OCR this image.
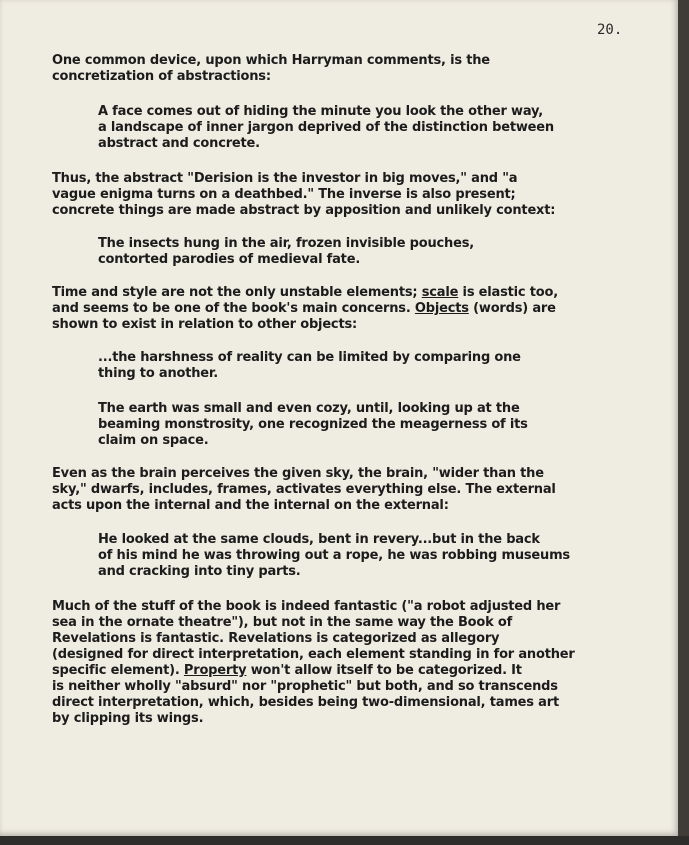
20.

One common device, upon which Harryman comments, is the
concretization of abstractions:

A face comes out of hiding the minute you look the other way,
a landscape of inner jargon deprived of the distinction between
abstract and concrete.

Thus, the abstract "Derision is the investor in big moves," and "a
vague enigma turns on a deathbed." The inverse is also present;
concrete things are made abstract by apposition and unlikely context:

The insects hung in the air, frozen invisible pouches,
contorted parodies of medieval fate.

Time and style are not the only unstable elements; scale is elastic too,
and seems to be one of the book's main concerns. Objects (words) are
shown to exist in relation to other objects:

...the harshness of reality can be limited by comparing one
thing to another.

The earth was small and even cozy, until, looking up at the
beaming monstrosity, one recognized the meagerness of its
claim on space.

Even as the brain perceives the given sky, the brain, "wider than the
sky," dwarfs, includes, frames, activates everything else. The external
acts upon the internal and the internal on the external:

He looked at the same clouds, bent in revery...but in the back
of his mind he was throwing out a rope, he was robbing museums
and cracking into tiny parts.

Much of the stuff of the book is indeed fantastic ("a robot adjusted her
sea in the ornate theatre"), but not in the same way the Book of
Revelations is fantastic. Revelations is categorized as allegory
(designed for direct interpretation, each element standing in for another
specific element). Property won't allow itself to be categorized. It
is neither wholly "absurd" nor "prophetic" but both, and so transcends
direct interpretation, which, besides being two-dimensional, tames art
by clipping its wings.
